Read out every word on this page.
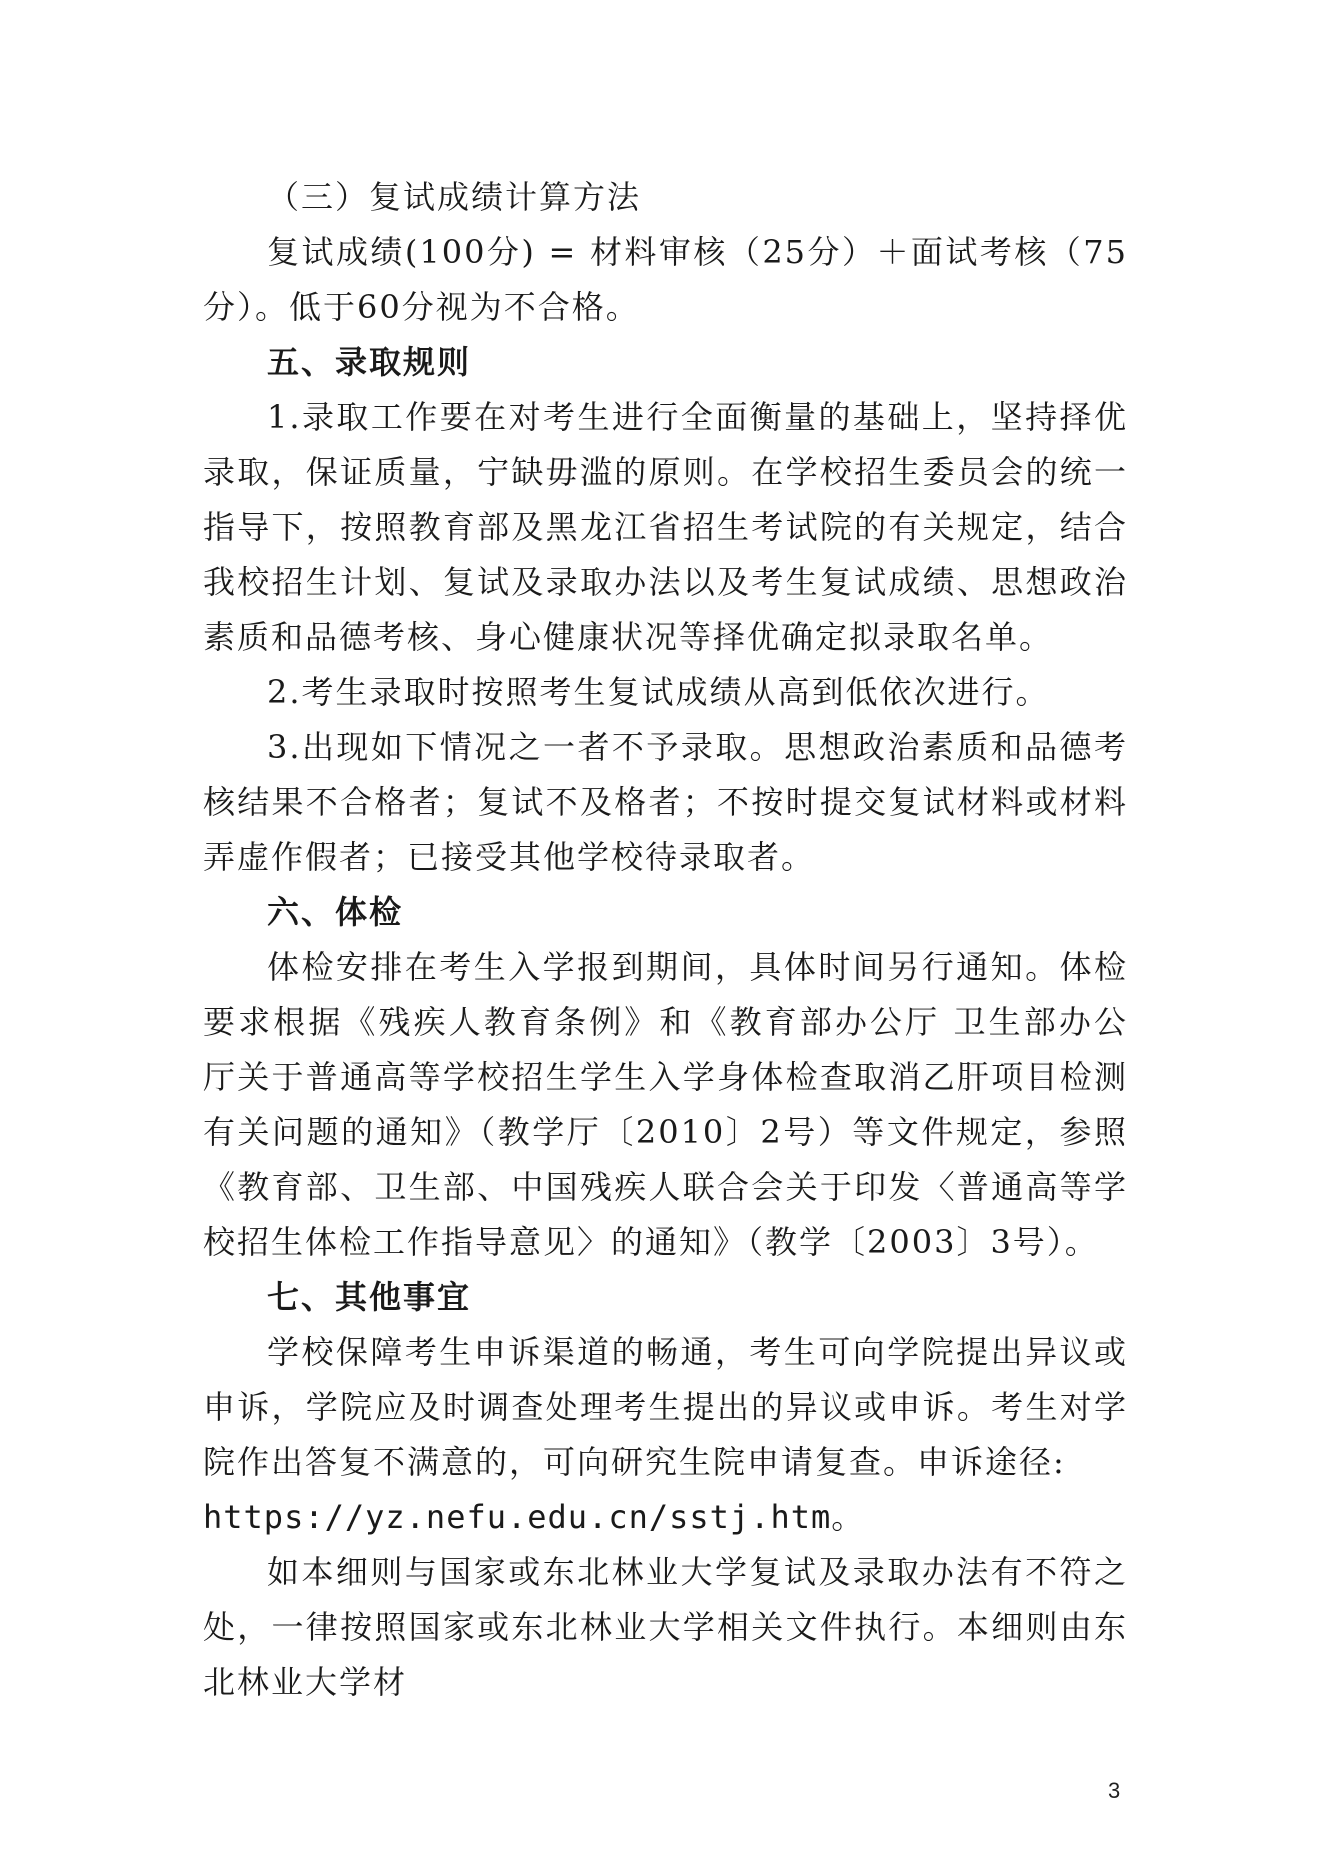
（三）复试成绩计算方法

复试成绩(100分) = 材料审核（25分）＋面试考核（75分）。低于60分视为不合格。

五、录取规则

1.录取工作要在对考生进行全面衡量的基础上，坚持择优录取，保证质量，宁缺毋滥的原则。在学校招生委员会的统一指导下，按照教育部及黑龙江省招生考试院的有关规定，结合我校招生计划、复试及录取办法以及考生复试成绩、思想政治素质和品德考核、身心健康状况等择优确定拟录取名单。

2.考生录取时按照考生复试成绩从高到低依次进行。

3.出现如下情况之一者不予录取。思想政治素质和品德考核结果不合格者；复试不及格者；不按时提交复试材料或材料弄虚作假者；已接受其他学校待录取者。

六、体检

体检安排在考生入学报到期间，具体时间另行通知。体检要求根据《残疾人教育条例》和《教育部办公厅 卫生部办公厅关于普通高等学校招生学生入学身体检查取消乙肝项目检测有关问题的通知》（教学厅〔2010〕2号）等文件规定，参照《教育部、卫生部、中国残疾人联合会关于印发〈普通高等学校招生体检工作指导意见〉的通知》（教学〔2003〕3号）。

七、其他事宜

学校保障考生申诉渠道的畅通，考生可向学院提出异议或申诉，学院应及时调查处理考生提出的异议或申诉。考生对学院作出答复不满意的，可向研究生院申请复查。申诉途径:

https://yz.nefu.edu.cn/sstj.htm。

如本细则与国家或东北林业大学复试及录取办法有不符之处，一律按照国家或东北林业大学相关文件执行。本细则由东北林业大学材

3
